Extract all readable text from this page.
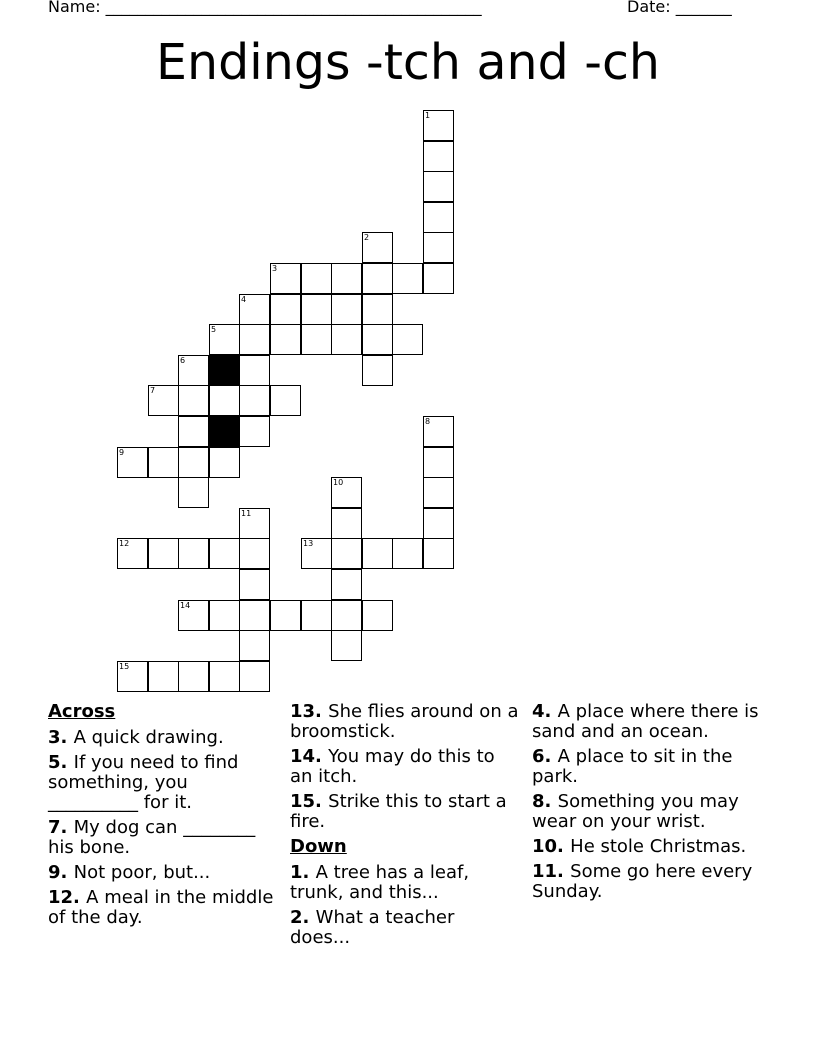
Name: _______________________________________________	Date: _______
Endings -tch and -ch
1
2
3
4
5
6
7
8
9
10
11
12	13
14
15
Across
3. A quick drawing.
5. If you need to find something, you __________ for it.
7. My dog can ________ his bone.
9. Not poor, but...
12. A meal in the middle of the day.
13. She flies around on a broomstick.
14. You may do this to an itch.
15. Strike this to start a fire.
Down
1. A tree has a leaf, trunk, and this...
2. What a teacher does...
4. A place where there is sand and an ocean.
6. A place to sit in the park.
8. Something you may wear on your wrist.
10. He stole Christmas.
11. Some go here every Sunday.
